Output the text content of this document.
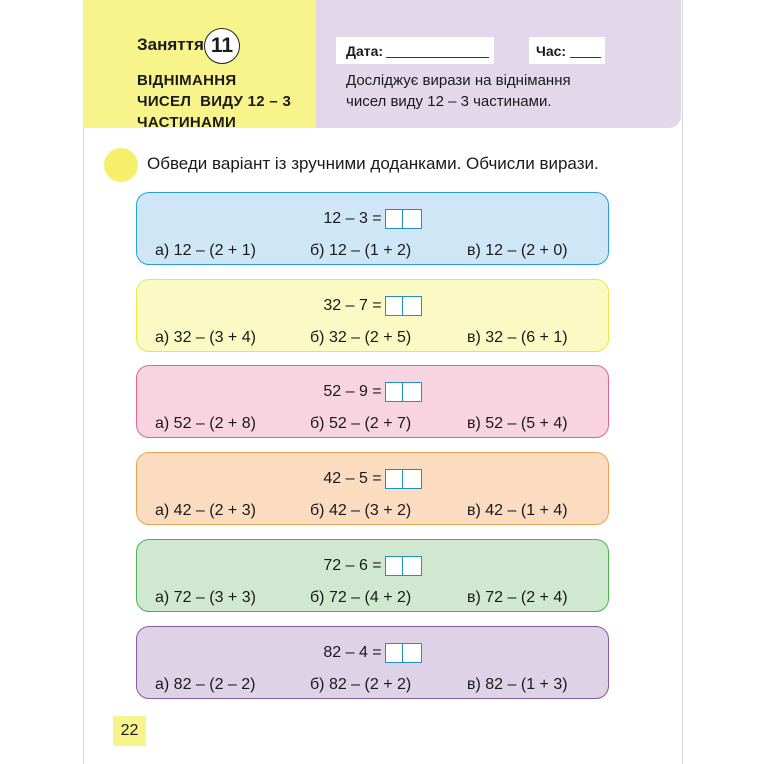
Заняття 11
ВІДНІМАННЯ
ЧИСЕЛ  ВИДУ 12 – 3
ЧАСТИНАМИ
Дата:	Час:
Досліджує вирази на віднімання
чисел виду 12 – 3 частинами.
Обведи варіант із зручними доданками. Обчисли вирази.
12 – 3 =
а) 12 – (2 + 1)	б) 12 – (1 + 2)	в) 12 – (2 + 0)
32 – 7 =
а) 32 – (3 + 4)	б) 32 – (2 + 5)	в) 32 – (6 + 1)
52 – 9 =
а) 52 – (2 + 8)	б) 52 – (2 + 7)	в) 52 – (5 + 4)
42 – 5 =
а) 42 – (2 + 3)	б) 42 – (3 + 2)	в) 42 – (1 + 4)
72 – 6 =
а) 72 – (3 + 3)	б) 72 – (4 + 2)	в) 72 – (2 + 4)
82 – 4 =
а) 82 – (2 – 2)	б) 82 – (2 + 2)	в) 82 – (1 + 3)
22
